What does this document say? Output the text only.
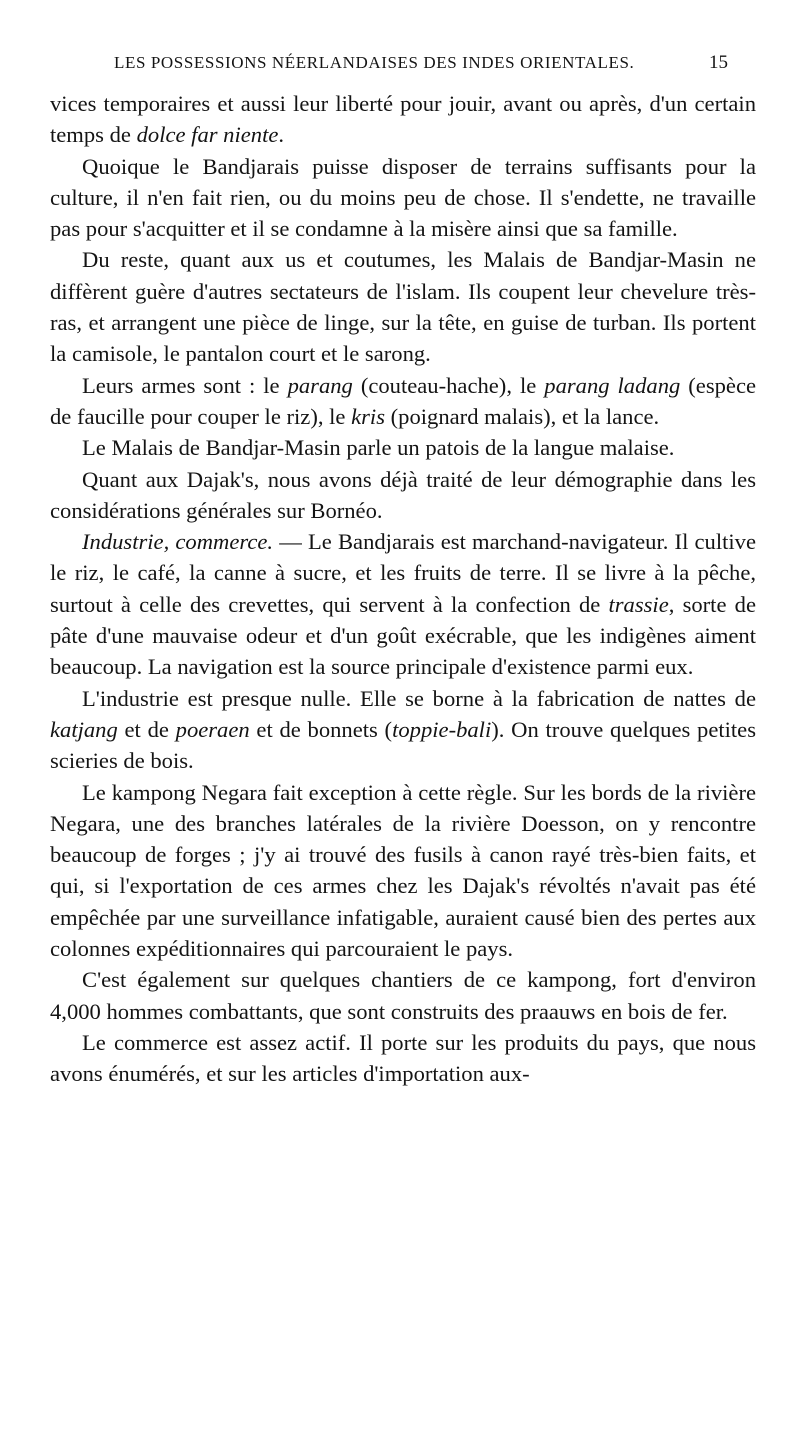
LES POSSESSIONS NÉERLANDAISES DES INDES ORIENTALES.	15

vices temporaires et aussi leur liberté pour jouir, avant ou après, d'un certain temps de dolce far niente.

Quoique le Bandjarais puisse disposer de terrains suffisants pour la culture, il n'en fait rien, ou du moins peu de chose. Il s'endette, ne travaille pas pour s'acquitter et il se condamne à la misère ainsi que sa famille.

Du reste, quant aux us et coutumes, les Malais de Bandjar-Masin ne diffèrent guère d'autres sectateurs de l'islam. Ils coupent leur chevelure très-ras, et arrangent une pièce de linge, sur la tête, en guise de turban. Ils portent la camisole, le pantalon court et le sarong.

Leurs armes sont : le parang (couteau-hache), le parang ladang (espèce de faucille pour couper le riz), le kris (poignard malais), et la lance.

Le Malais de Bandjar-Masin parle un patois de la langue malaise.

Quant aux Dajak's, nous avons déjà traité de leur démographie dans les considérations générales sur Bornéo.

Industrie, commerce. — Le Bandjarais est marchand-navigateur. Il cultive le riz, le café, la canne à sucre, et les fruits de terre. Il se livre à la pêche, surtout à celle des crevettes, qui servent à la confection de trassie, sorte de pâte d'une mauvaise odeur et d'un goût exécrable, que les indigènes aiment beaucoup. La navigation est la source principale d'existence parmi eux.

L'industrie est presque nulle. Elle se borne à la fabrication de nattes de katjang et de poeraen et de bonnets (toppie-bali). On trouve quelques petites scieries de bois.

Le kampong Negara fait exception à cette règle. Sur les bords de la rivière Negara, une des branches latérales de la rivière Doesson, on y rencontre beaucoup de forges ; j'y ai trouvé des fusils à canon rayé très-bien faits, et qui, si l'exportation de ces armes chez les Dajak's révoltés n'avait pas été empêchée par une surveillance infatigable, auraient causé bien des pertes aux colonnes expéditionnaires qui parcouraient le pays.

C'est également sur quelques chantiers de ce kampong, fort d'environ 4,000 hommes combattants, que sont construits des praauws en bois de fer.

Le commerce est assez actif. Il porte sur les produits du pays, que nous avons énumérés, et sur les articles d'importation aux-
